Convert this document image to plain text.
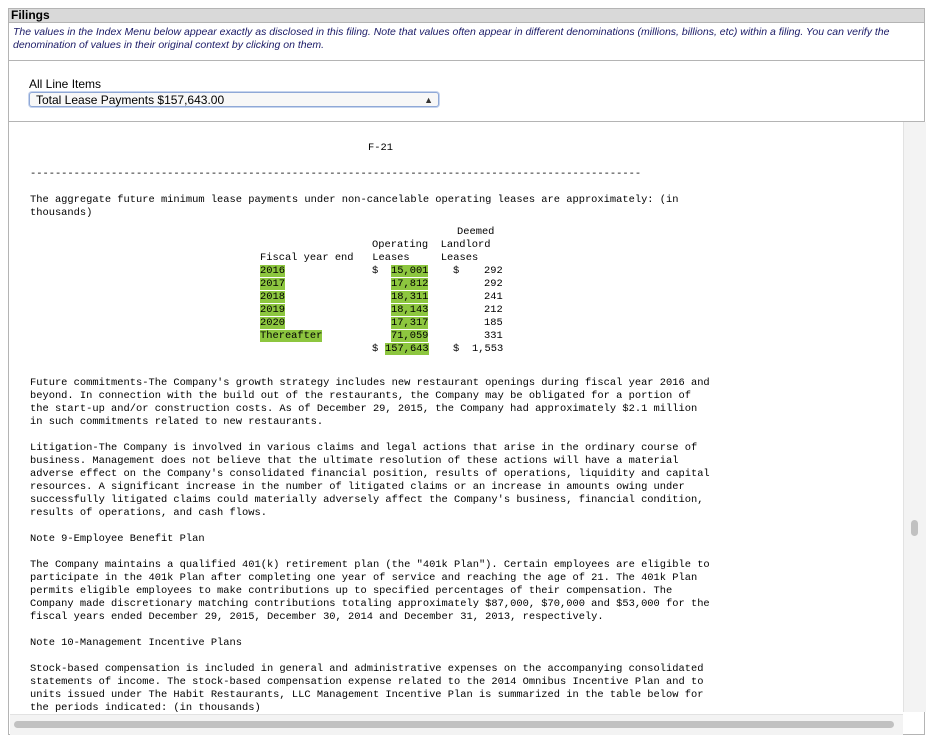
Filings
The values in the Index Menu below appear exactly as disclosed in this filing. Note that values often appear in different denominations (millions, billions, etc) within a filing. You can verify the denomination of values in their original context by clicking on them.
All Line Items
Total Lease Payments $157,643.00	▲

F-21
--------------------------------------------------------------------------------------------------
The aggregate future minimum lease payments under non-cancelable operating leases are approximately: (in
thousands)
Deemed
Operating  Landlord
Fiscal year end   Leases     Leases
2016	$ 15,001 $ 292
2017	17,812	292
2018	18,311	241
2019	18,143	212
2020	17,317	185
Thereafter	71,059	331
$ 157,643 $ 1,553
Future commitments-The Company's growth strategy includes new restaurant openings during fiscal year 2016 and
beyond. In connection with the build out of the restaurants, the Company may be obligated for a portion of
the start-up and/or construction costs. As of December 29, 2015, the Company had approximately $2.1 million
in such commitments related to new restaurants.
Litigation-The Company is involved in various claims and legal actions that arise in the ordinary course of
business. Management does not believe that the ultimate resolution of these actions will have a material
adverse effect on the Company's consolidated financial position, results of operations, liquidity and capital
resources. A significant increase in the number of litigated claims or an increase in amounts owing under
successfully litigated claims could materially adversely affect the Company's business, financial condition,
results of operations, and cash flows.
Note 9-Employee Benefit Plan
The Company maintains a qualified 401(k) retirement plan (the "401k Plan"). Certain employees are eligible to
participate in the 401k Plan after completing one year of service and reaching the age of 21. The 401k Plan
permits eligible employees to make contributions up to specified percentages of their compensation. The
Company made discretionary matching contributions totaling approximately $87,000, $70,000 and $53,000 for the
fiscal years ended December 29, 2015, December 30, 2014 and December 31, 2013, respectively.
Note 10-Management Incentive Plans
Stock-based compensation is included in general and administrative expenses on the accompanying consolidated
statements of income. The stock-based compensation expense related to the 2014 Omnibus Incentive Plan and to
units issued under The Habit Restaurants, LLC Management Incentive Plan is summarized in the table below for
the periods indicated: (in thousands)
